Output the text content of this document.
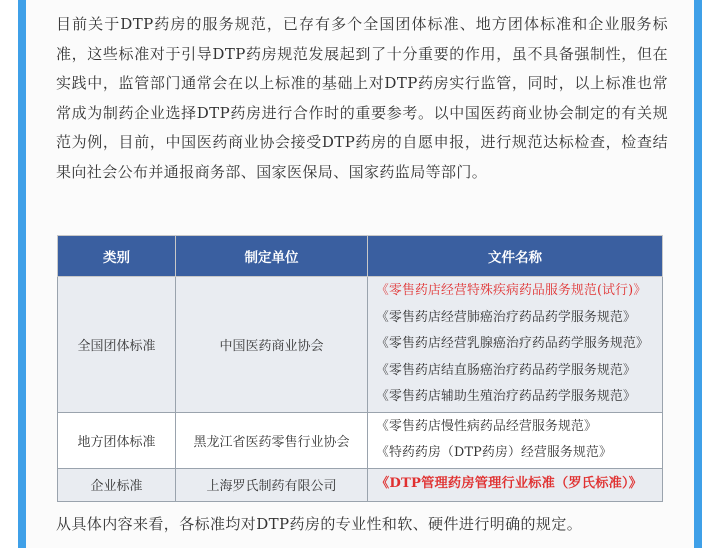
目前关于DTP药房的服务规范，已存有多个全国团体标准、地方团体标准和企业服务标准，这些标准对于引导DTP药房规范发展起到了十分重要的作用，虽不具备强制性，但在实践中，监管部门通常会在以上标准的基础上对DTP药房实行监管，同时，以上标准也常常成为制药企业选择DTP药房进行合作时的重要参考。以中国医药商业协会制定的有关规范为例，目前，中国医药商业协会接受DTP药房的自愿申报，进行规范达标检查，检查结果向社会公布并通报商务部、国家医保局、国家药监局等部门。
类别	制定单位	文件名称
全国团体标准	中国医药商业协会	《零售药店经营特殊疾病药品服务规范(试行)》
《零售药店经营肺癌治疗药品药学服务规范》
《零售药店经营乳腺癌治疗药品药学服务规范》
《零售药店结直肠癌治疗药品药学服务规范》
《零售药店辅助生殖治疗药品药学服务规范》

地方团体标准	黑龙江省医药零售行业协会	《零售药店慢性病药品经营服务规范》
《特药药房（DTP药房）经营服务规范》

企业标准	上海罗氏制药有限公司	《DTP管理药房管理行业标准（罗氏标准）》
从具体内容来看，各标准均对DTP药房的专业性和软、硬件进行明确的规定。
